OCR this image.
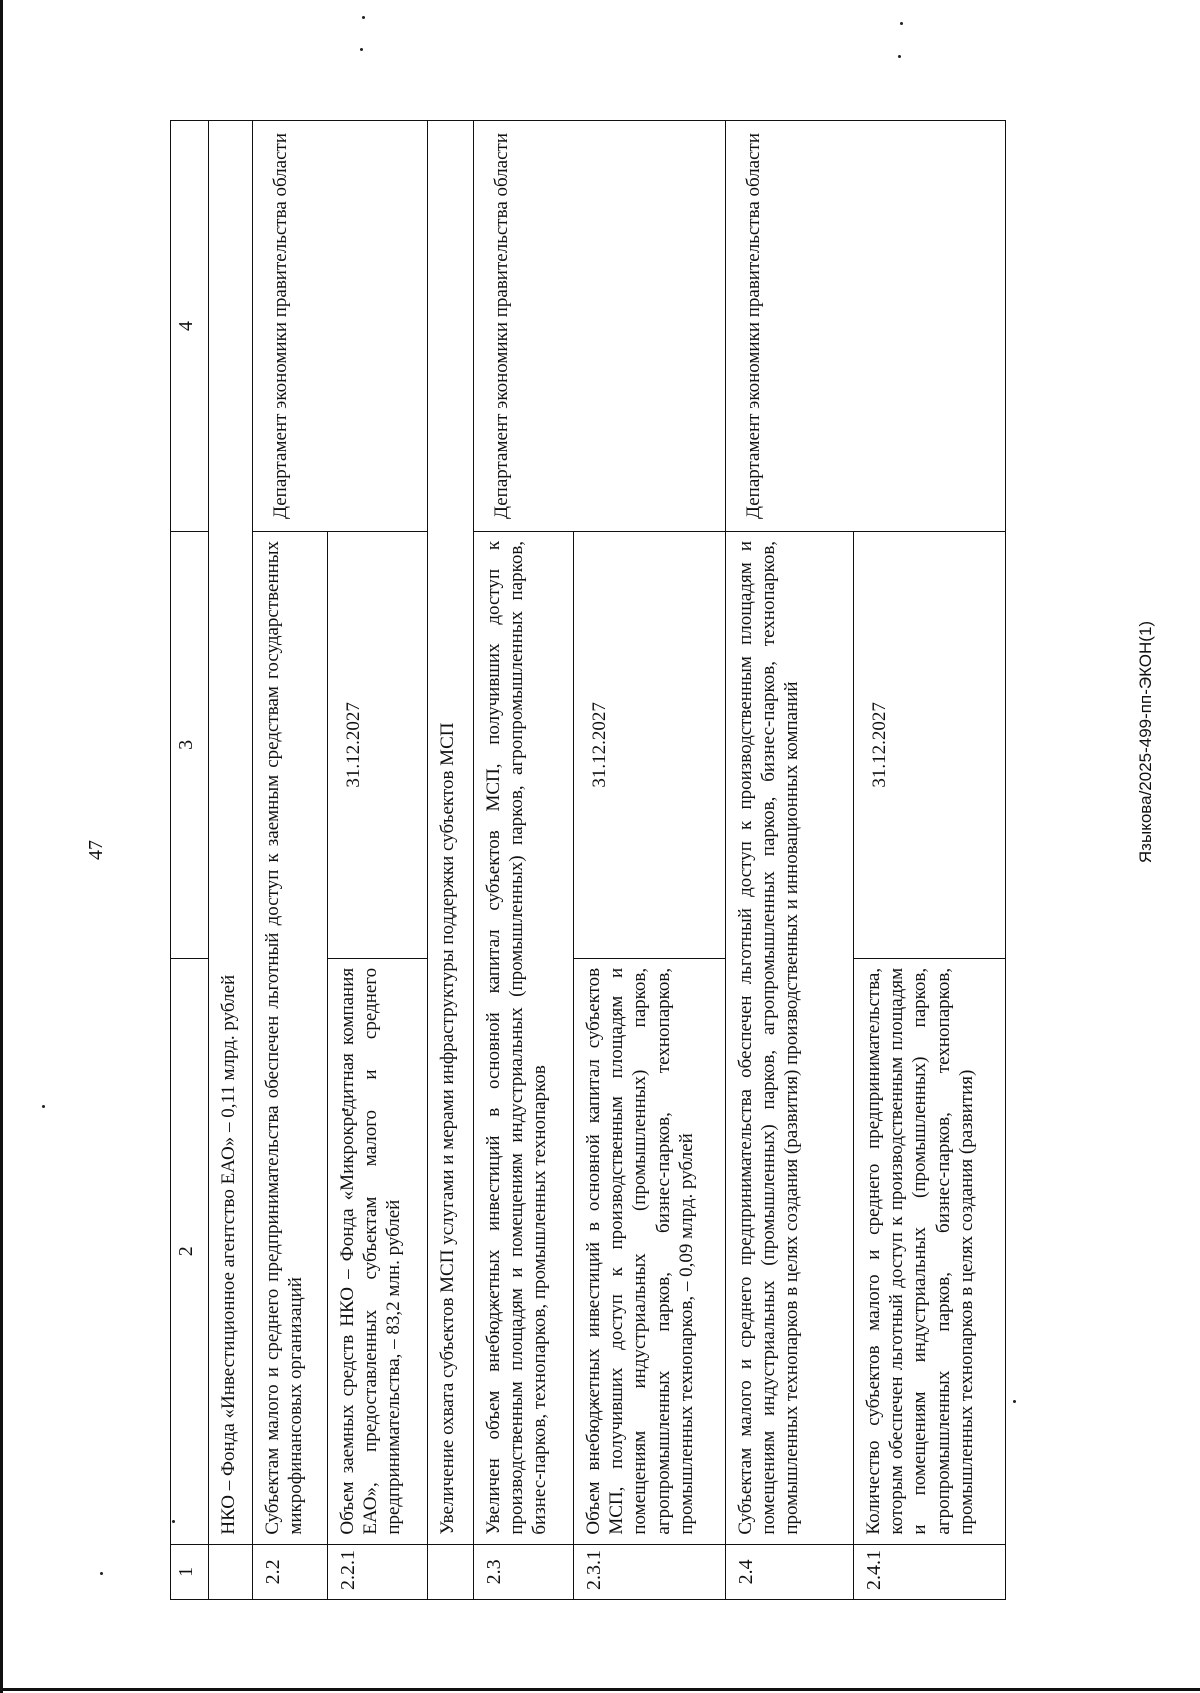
47	Языкова/2025-499-пп-ЭКОН(1)
1	2	3	4
	НКО – Фонда «Инвестиционное агентство ЕАО» – 0,11 млрд. рублей		
2.2	Субъектам малого и среднего предпринимательства обеспечен льготный доступ к заемным средствам государственных микрофинансовых организаций		Департамент экономики правительства области
2.2.1	Объем заемных средств НКО – Фонда «Микрокредитная компания ЕАО», предоставленных субъектам малого и среднего предпринимательства, – 83,2 млн. рублей	31.12.2027	
	Увеличение охвата субъектов МСП услугами и мерами инфраструктуры поддержки субъектов МСП		
2.3	Увеличен объем внебюджетных инвестиций в основной капитал субъектов МСП, получивших доступ к производственным площадям и помещениям индустриальных (промышленных) парков, агропромышленных парков, бизнес-парков, технопарков, промышленных технопарков		Департамент экономики правительства области
2.3.1	Объем внебюджетных инвестиций в основной капитал субъектов МСП, получивших доступ к производственным площадям и помещениям индустриальных (промышленных) парков, агропромышленных парков, бизнес-парков, технопарков, промышленных технопарков, – 0,09 млрд. рублей	31.12.2027	
2.4	Субъектам малого и среднего предпринимательства обеспечен льготный доступ к производственным площадям и помещениям индустриальных (промышленных) парков, агропромышленных парков, бизнес-парков, технопарков, промышленных технопарков в целях создания (развития) производственных и инновационных компаний		Департамент экономики правительства области
2.4.1	Количество субъектов малого и среднего предпринимательства, которым обеспечен льготный доступ к производственным площадям и помещениям индустриальных (промышленных) парков, агропромышленных парков, бизнес-парков, технопарков, промышленных технопарков в целях создания (развития)	31.12.2027	
